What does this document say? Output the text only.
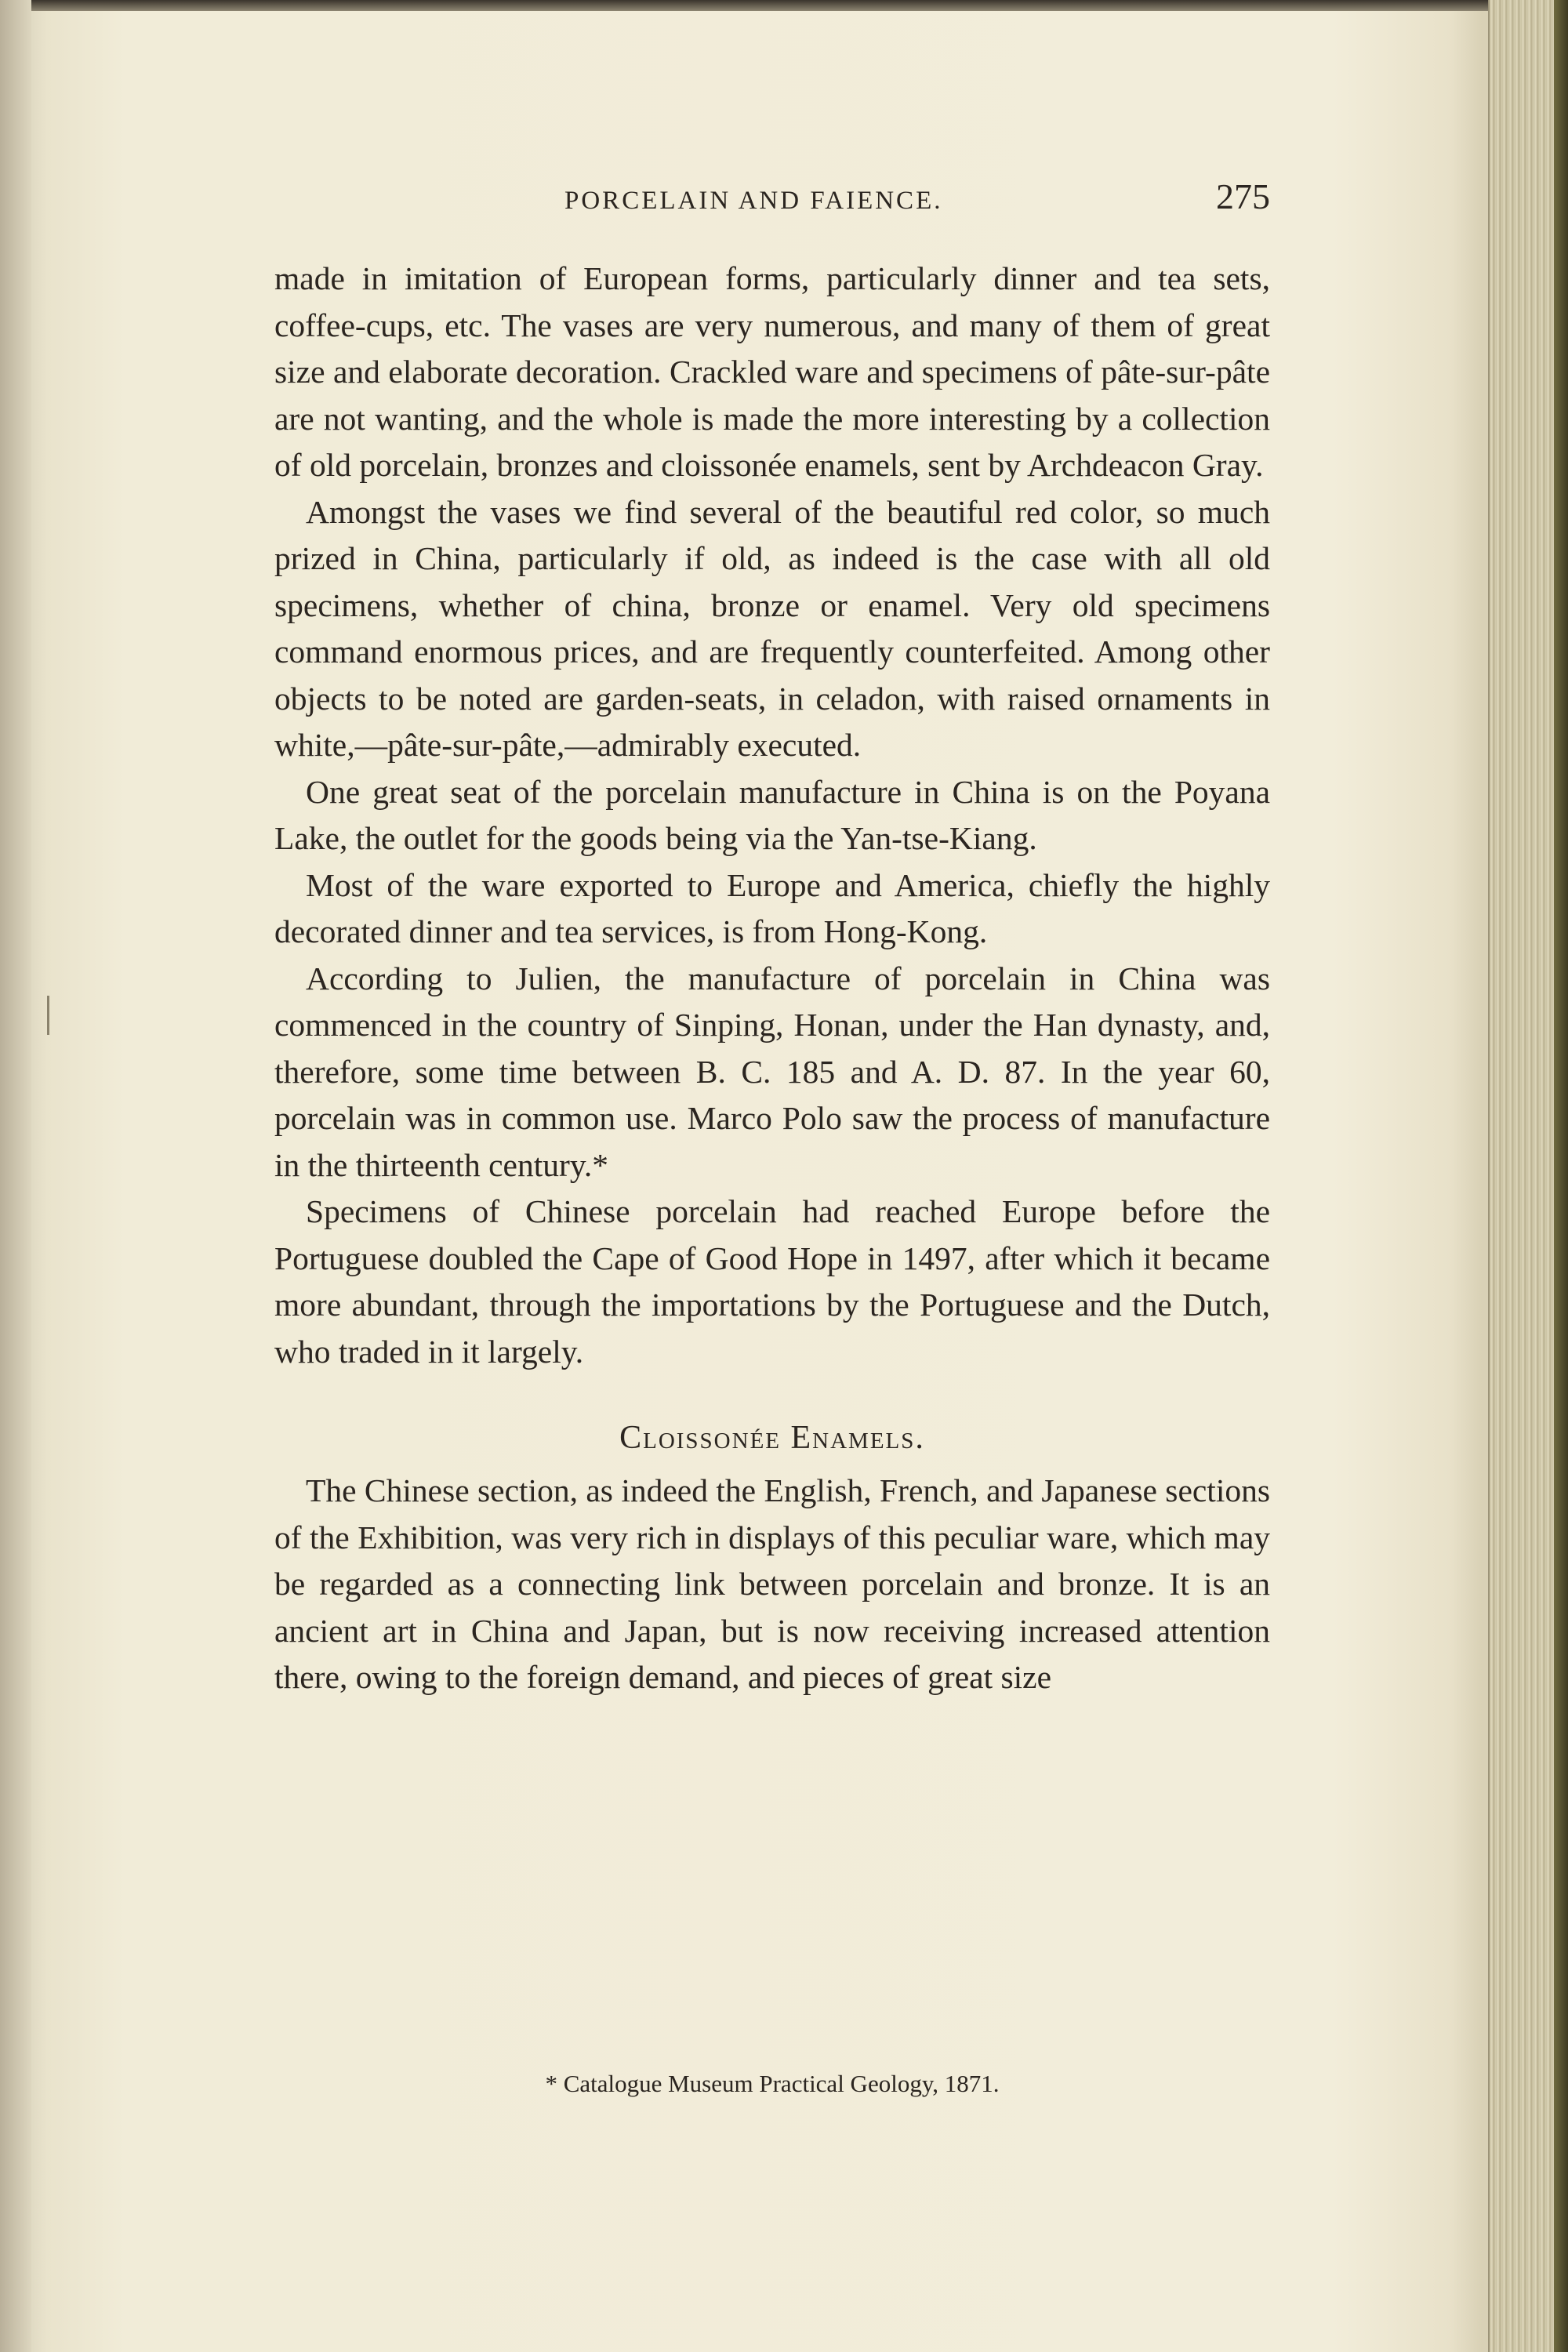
PORCELAIN AND FAIENCE.	275

made in imitation of European forms, particularly dinner and tea sets, coffee-cups, etc. The vases are very numerous, and many of them of great size and elaborate decoration. Crackled ware and specimens of pâte-sur-pâte are not wanting, and the whole is made the more interesting by a collection of old porcelain, bronzes and cloissonée enamels, sent by Archdeacon Gray.

Amongst the vases we find several of the beautiful red color, so much prized in China, particularly if old, as indeed is the case with all old specimens, whether of china, bronze or enamel. Very old specimens command enormous prices, and are frequently counterfeited. Among other objects to be noted are garden-seats, in celadon, with raised ornaments in white,—pâte-sur-pâte,—admirably executed.

One great seat of the porcelain manufacture in China is on the Poyana Lake, the outlet for the goods being via the Yan-tse-Kiang.

Most of the ware exported to Europe and America, chiefly the highly decorated dinner and tea services, is from Hong-Kong.

According to Julien, the manufacture of porcelain in China was commenced in the country of Sinping, Honan, under the Han dynasty, and, therefore, some time between B. C. 185 and A. D. 87. In the year 60, porcelain was in common use. Marco Polo saw the process of manufacture in the thirteenth century.*

Specimens of Chinese porcelain had reached Europe before the Portuguese doubled the Cape of Good Hope in 1497, after which it became more abundant, through the importations by the Portuguese and the Dutch, who traded in it largely.

Cloissonée Enamels.

The Chinese section, as indeed the English, French, and Japanese sections of the Exhibition, was very rich in displays of this peculiar ware, which may be regarded as a connecting link between porcelain and bronze. It is an ancient art in China and Japan, but is now receiving increased attention there, owing to the foreign demand, and pieces of great size

* Catalogue Museum Practical Geology, 1871.
